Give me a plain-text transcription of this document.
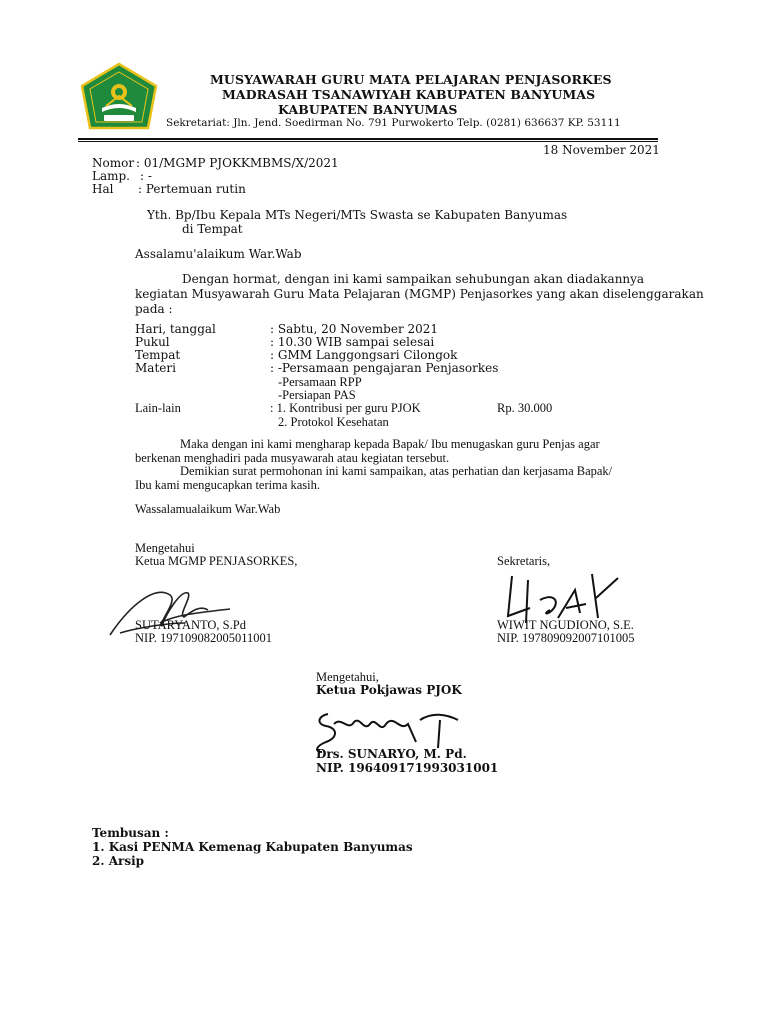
MUSYAWARAH GURU MATA PELAJARAN PENJASORKES
MADRASAH TSANAWIYAH KABUPATEN BANYUMAS
KABUPATEN BANYUMAS
Sekretariat: Jln. Jend. Soedirman No. 791 Purwokerto Telp. (0281) 636637 KP. 53111
18 November 2021
Nomor : 01/MGMP PJOKKMBMS/X/2021
Lamp. : -
Hal : Pertemuan rutin
Yth. Bp/Ibu Kepala MTs Negeri/MTs Swasta se Kabupaten Banyumas
di Tempat
Assalamu'alaikum War.Wab
Dengan hormat, dengan ini kami sampaikan sehubungan akan diadakannya
kegiatan Musyawarah Guru Mata Pelajaran (MGMP) Penjasorkes yang akan diselenggarakan
pada :
Hari, tanggal	: Sabtu, 20 November 2021
Pukul	: 10.30 WIB sampai selesai
Tempat	: GMM Langgongsari Cilongok
Materi	: -Persamaan pengajaran Penjasorkes
-Persamaan RPP
-Persiapan PAS
Lain-lain	: 1. Kontribusi per guru PJOK	Rp. 30.000
2. Protokol Kesehatan
Maka dengan ini kami mengharap kepada Bapak/ Ibu menugaskan guru Penjas agar
berkenan menghadiri pada musyawarah atau kegiatan tersebut.
Demikian surat permohonan ini kami sampaikan, atas perhatian dan kerjasama Bapak/
Ibu kami mengucapkan terima kasih.
Wassalamualaikum War.Wab
Mengetahui
Ketua MGMP PENJASORKES,
SUTARYANTO, S.Pd
NIP. 197109082005011001
Sekretaris,
WIWIT NGUDIONO, S.E.
NIP. 197809092007101005
Mengetahui,
Ketua Pokjawas PJOK
Drs. SUNARYO, M. Pd.
NIP. 196409171993031001
Tembusan :
1. Kasi PENMA Kemenag Kabupaten Banyumas
2. Arsip
